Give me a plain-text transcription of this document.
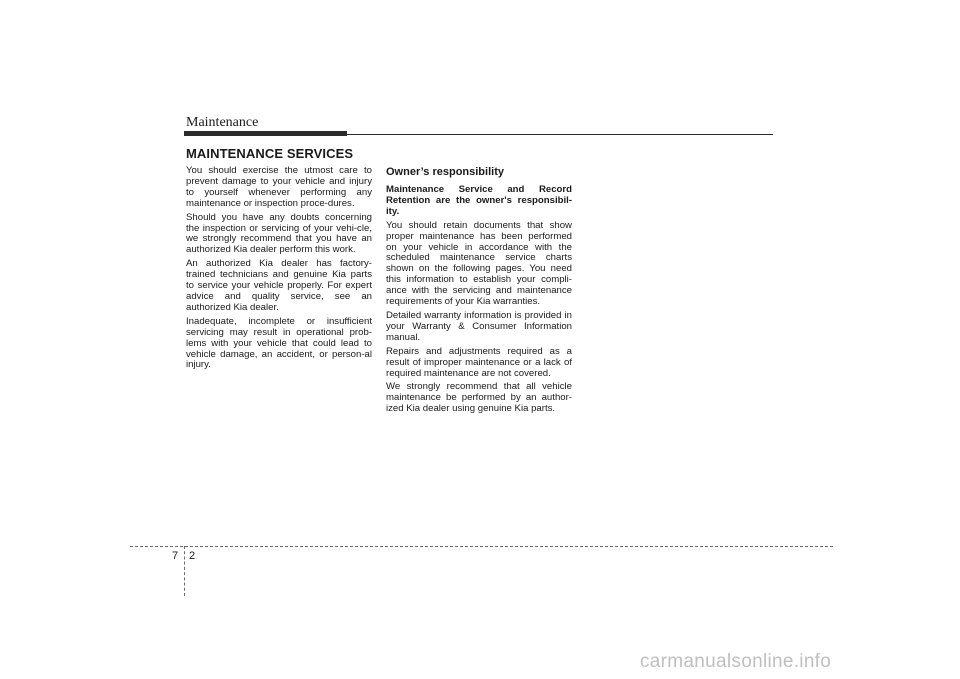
Maintenance
MAINTENANCE SERVICES

You should exercise the utmost care to prevent damage to your vehicle and injury to yourself whenever performing any maintenance or inspection proce-dures.

Should you have any doubts concerning the inspection or servicing of your vehi-cle, we strongly recommend that you have an authorized Kia dealer perform this work.

An authorized Kia dealer has factory-trained technicians and genuine Kia parts to service your vehicle properly. For expert advice and quality service, see an authorized Kia dealer.

Inadequate, incomplete or insufficient servicing may result in operational prob-lems with your vehicle that could lead to vehicle damage, an accident, or person-al injury.

Owner’s responsibility

Maintenance Service and Record Retention are the owner's responsibil-ity.

You should retain documents that show proper maintenance has been performed on your vehicle in accordance with the scheduled maintenance service charts shown on the following pages. You need this information to establish your compli-ance with the servicing and maintenance requirements of your Kia warranties.

Detailed warranty information is provided in your Warranty & Consumer Information manual.

Repairs and adjustments required as a result of improper maintenance or a lack of required maintenance are not covered.

We strongly recommend that all vehicle maintenance be performed by an author-ized Kia dealer using genuine Kia parts.

7 2
carmanualsonline.info
